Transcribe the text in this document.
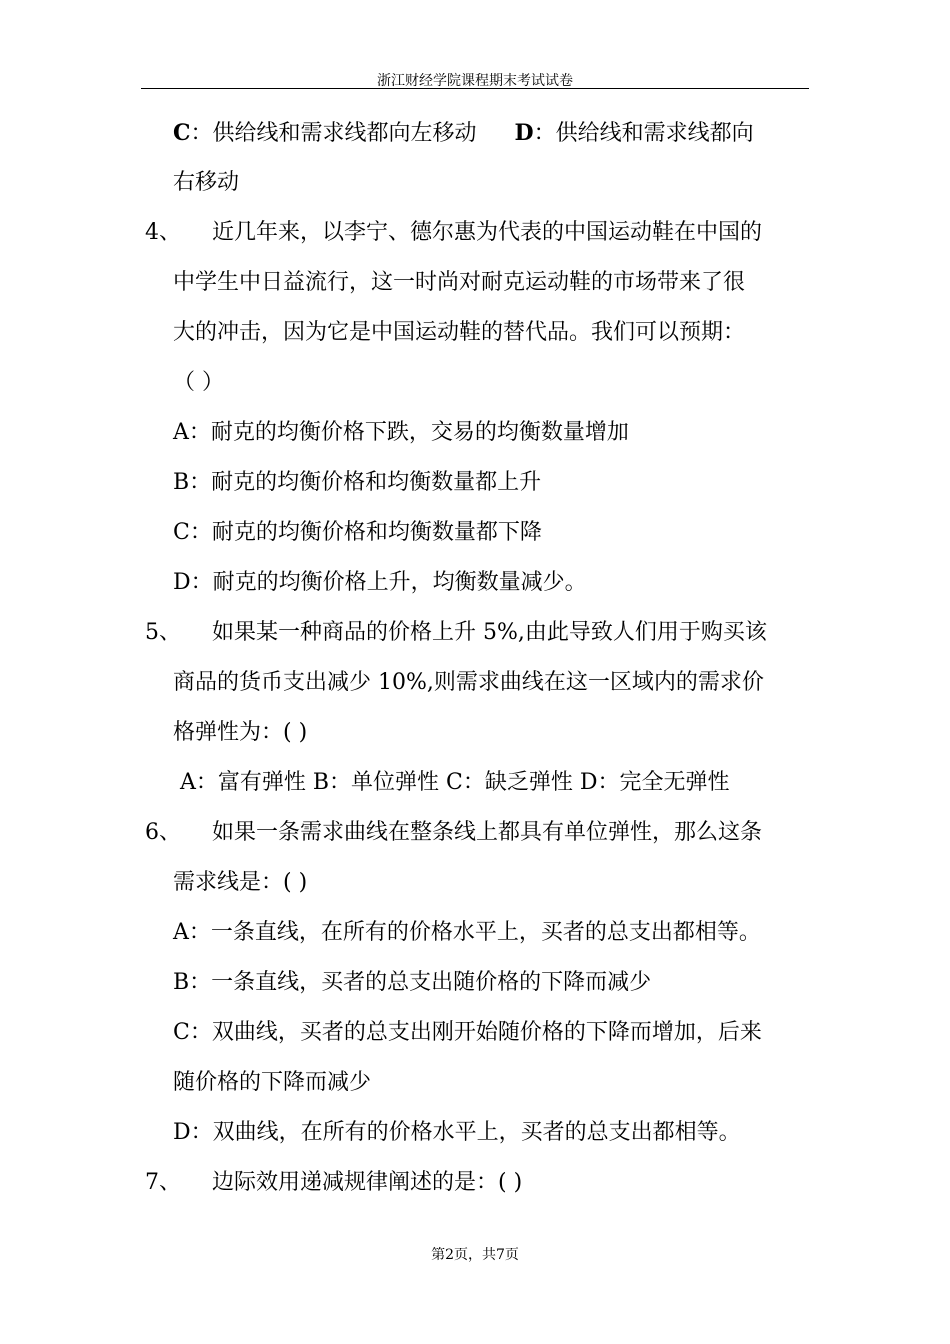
浙江财经学院课程期末考试试卷
C：供给线和需求线都向左移动 D：供给线和需求线都向
右移动
4、 近几年来，以李宁、德尔惠为代表的中国运动鞋在中国的
中学生中日益流行，这一时尚对耐克运动鞋的市场带来了很
大的冲击，因为它是中国运动鞋的替代品。我们可以预期：
（ ）
A：耐克的均衡价格下跌，交易的均衡数量增加
B：耐克的均衡价格和均衡数量都上升
C：耐克的均衡价格和均衡数量都下降
D：耐克的均衡价格上升，均衡数量减少。
5、 如果某一种商品的价格上升 5%,由此导致人们用于购买该
商品的货币支出减少 10%,则需求曲线在这一区域内的需求价
格弹性为：( )
A：富有弹性 B：单位弹性 C：缺乏弹性 D：完全无弹性
6、 如果一条需求曲线在整条线上都具有单位弹性，那么这条
需求线是：( )
A：一条直线，在所有的价格水平上，买者的总支出都相等。
B：一条直线，买者的总支出随价格的下降而减少
C：双曲线，买者的总支出刚开始随价格的下降而增加，后来
随价格的下降而减少
D：双曲线，在所有的价格水平上，买者的总支出都相等。
7、 边际效用递减规律阐述的是：( )
第2页，共7页
